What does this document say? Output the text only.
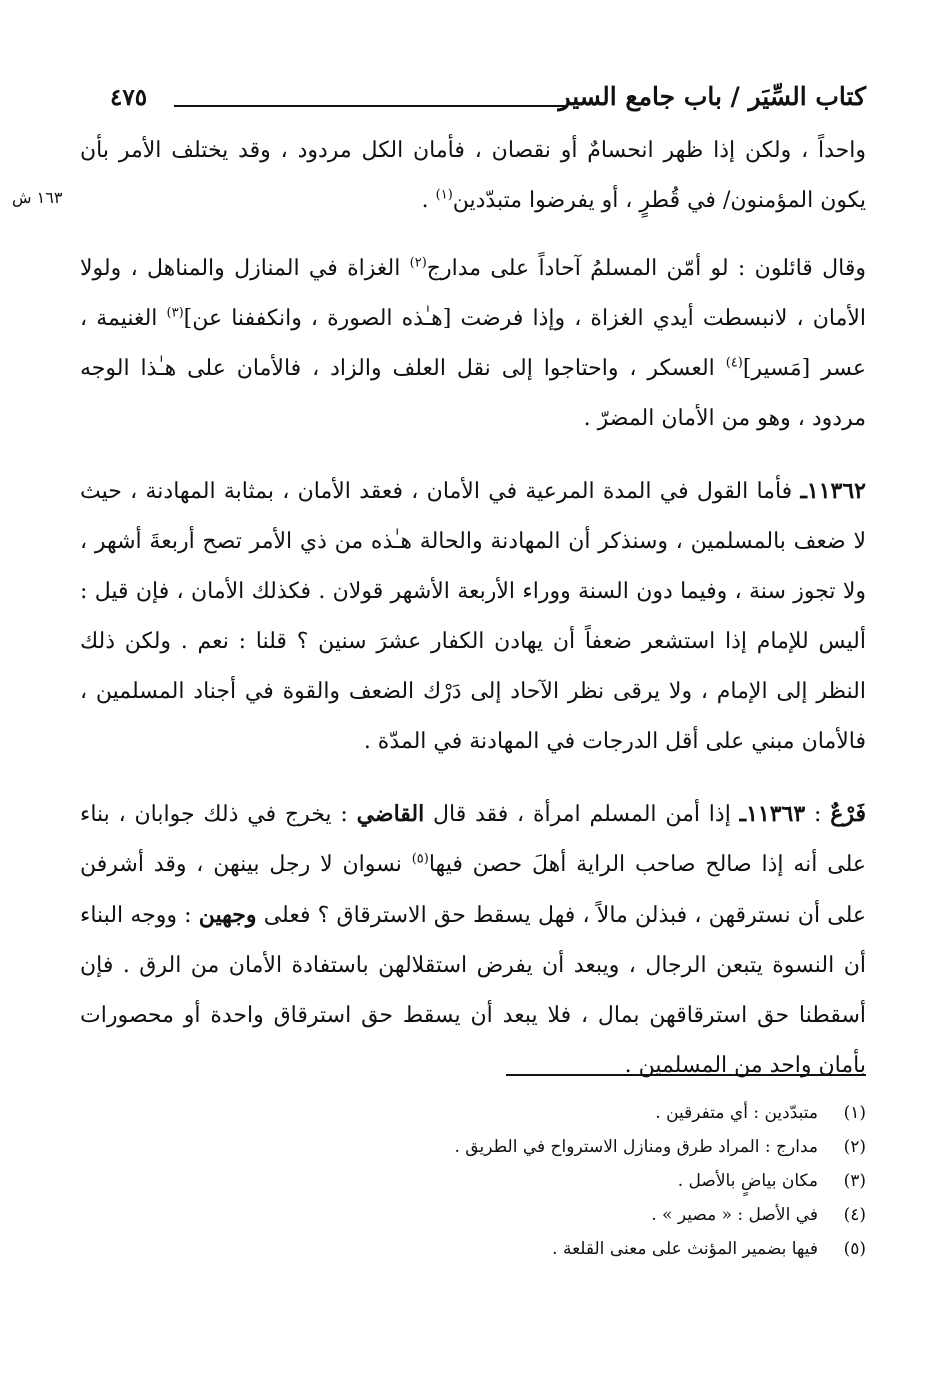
كتاب السِّيَر / باب جامع السير
٤٧٥
١٦٣ ش

واحداً ، ولكن إذا ظهر انحسامٌ أو نقصان ، فأمان الكل مردود ، وقد يختلف الأمر بأن يكون المؤمنون/ في قُطرٍ ، أو يفرضوا متبدّدين$^{(١)}$ .

وقال قائلون : لو أمّن المسلمُ آحاداً على مدارج$^{(٢)}$ الغزاة في المنازل والمناهل ، ولولا الأمان ، لانبسطت أيدي الغزاة ، وإذا فرضت [هـٰذه الصورة ، وانكففنا عن]$^{(٣)}$ الغنيمة ، عسر [مَسير]$^{(٤)}$ العسكر ، واحتاجوا إلى نقل العلف والزاد ، فالأمان على هـٰذا الوجه مردود ، وهو من الأمان المضرّ .

١١٣٦٢ـ فأما القول في المدة المرعية في الأمان ، فعقد الأمان ، بمثابة المهادنة ، حيث لا ضعف بالمسلمين ، وسنذكر أن المهادنة والحالة هـٰذه من ذي الأمر تصح أربعةَ أشهر ، ولا تجوز سنة ، وفيما دون السنة ووراء الأربعة الأشهر قولان . فكذلك الأمان ، فإن قيل : أليس للإمام إذا استشعر ضعفاً أن يهادن الكفار عشرَ سنين ؟ قلنا : نعم . ولكن ذلك النظر إلى الإمام ، ولا يرقى نظر الآحاد إلى دَرْك الضعف والقوة في أجناد المسلمين ، فالأمان مبني على أقل الدرجات في المهادنة في المدّة .

فَرْعٌ : ١١٣٦٣ـ إذا أمن المسلم امرأة ، فقد قال القاضي : يخرج في ذلك جوابان ، بناء على أنه إذا صالح صاحب الراية أهلَ حصن فيها$^{(٥)}$ نسوان لا رجل بينهن ، وقد أشرفن على أن نسترقهن ، فبذلن مالاً ، فهل يسقط حق الاسترقاق ؟ فعلى وجهين : ووجه البناء أن النسوة يتبعن الرجال ، ويبعد أن يفرض استقلالهن باستفادة الأمان من الرق . فإن أسقطنا حق استرقاقهن بمال ، فلا يبعد أن يسقط حق استرقاق واحدة أو محصورات بأمان واحد من المسلمين .

(١)متبدّدين : أي متفرقين .
(٢)مدارج : المراد طرق ومنازل الاسترواح في الطريق .
(٣)مكان بياضٍ بالأصل .
(٤)في الأصل : « مصير » .
(٥)فيها بضمير المؤنث على معنى القلعة .
